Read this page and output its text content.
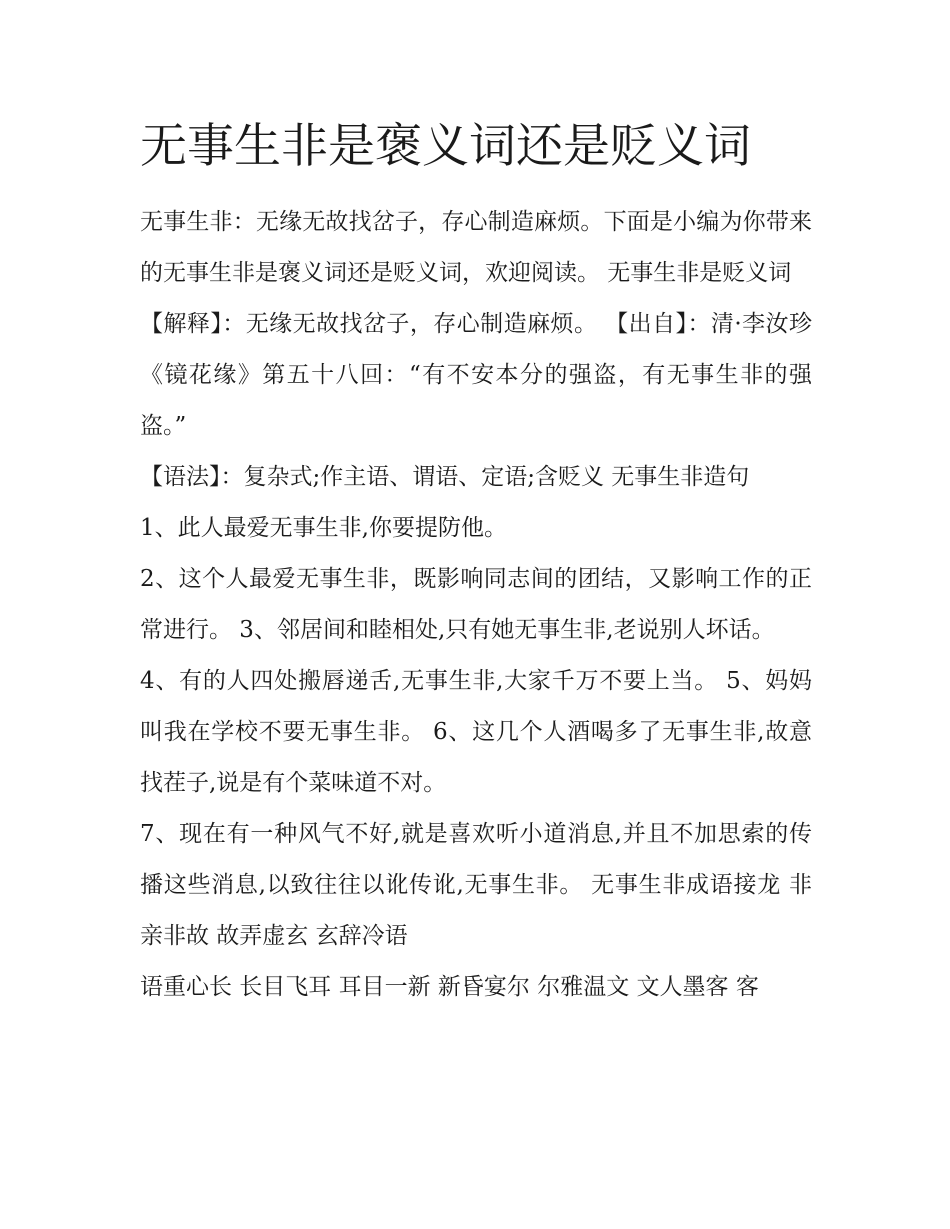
无事生非是褒义词还是贬义词

无事生非：无缘无故找岔子，存心制造麻烦。下面是小编为你带来的无事生非是褒义词还是贬义词，欢迎阅读。 无事生非是贬义词

【解释】：无缘无故找岔子，存心制造麻烦。 【出自】：清·李汝珍《镜花缘》第五十八回：“有不安本分的强盗，有无事生非的强盗。”

【语法】：复杂式;作主语、谓语、定语;含贬义 无事生非造句

1、此人最爱无事生非,你要提防他。

2、这个人最爱无事生非，既影响同志间的团结，又影响工作的正常进行。 3、邻居间和睦相处,只有她无事生非,老说别人坏话。

4、有的人四处搬唇递舌,无事生非,大家千万不要上当。 5、妈妈叫我在学校不要无事生非。 6、这几个人酒喝多了无事生非,故意找茬子,说是有个菜味道不对。

7、现在有一种风气不好,就是喜欢听小道消息,并且不加思索的传播这些消息,以致往往以讹传讹,无事生非。 无事生非成语接龙 非亲非故 故弄虚玄 玄辞冷语

语重心长 长目飞耳 耳目一新 新昏宴尔 尔雅温文 文人墨客 客
